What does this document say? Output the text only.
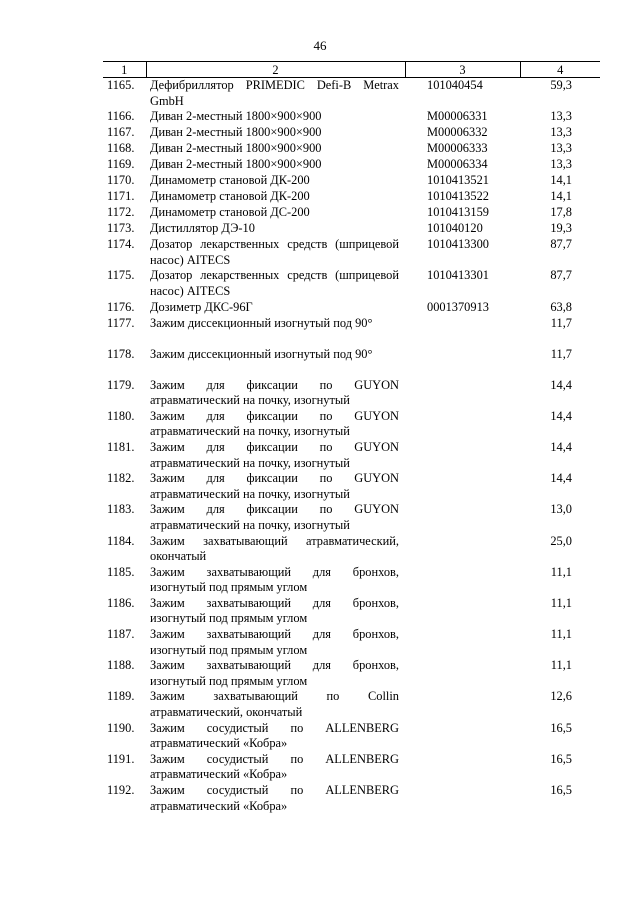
46
1	2	3	4
1165.	Дефибриллятор PRIMEDIC Defi-B Metrax GmbH	101040454	59,3
1166.	Диван 2-местный 1800×900×900	M00006331	13,3
1167.	Диван 2-местный 1800×900×900	M00006332	13,3
1168.	Диван 2-местный 1800×900×900	M00006333	13,3
1169.	Диван 2-местный 1800×900×900	M00006334	13,3
1170.	Динамометр становой ДК-200	1010413521	14,1
1171.	Динамометр становой ДК-200	1010413522	14,1
1172.	Динамометр становой ДС-200	1010413159	17,8
1173.	Дистиллятор ДЭ-10	101040120	19,3
1174.	Дозатор лекарственных средств (шприцевой насос) AITECS	1010413300	87,7
1175.	Дозатор лекарственных средств (шприцевой насос) AITECS	1010413301	87,7
1176.	Дозиметр ДКС-96Г	0001370913	63,8
1177.	Зажим диссекционный изогнутый под 90°		11,7
1178.	Зажим диссекционный изогнутый под 90°		11,7
1179.	Зажим для фиксации по GUYON атравматический на почку, изогнутый		14,4
1180.	Зажим для фиксации по GUYON атравматический на почку, изогнутый		14,4
1181.	Зажим для фиксации по GUYON атравматический на почку, изогнутый		14,4
1182.	Зажим для фиксации по GUYON атравматический на почку, изогнутый		14,4
1183.	Зажим для фиксации по GUYON атравматический на почку, изогнутый		13,0
1184.	Зажим захватывающий атравматический, окончатый		25,0
1185.	Зажим захватывающий для бронхов, изогнутый под прямым углом		11,1
1186.	Зажим захватывающий для бронхов, изогнутый под прямым углом		11,1
1187.	Зажим захватывающий для бронхов, изогнутый под прямым углом		11,1
1188.	Зажим захватывающий для бронхов, изогнутый под прямым углом		11,1
1189.	Зажим захватывающий по Collin атравматический, окончатый		12,6
1190.	Зажим сосудистый по ALLENBERG атравматический «Кобра»		16,5
1191.	Зажим сосудистый по ALLENBERG атравматический «Кобра»		16,5
1192.	Зажим сосудистый по ALLENBERG атравматический «Кобра»		16,5
